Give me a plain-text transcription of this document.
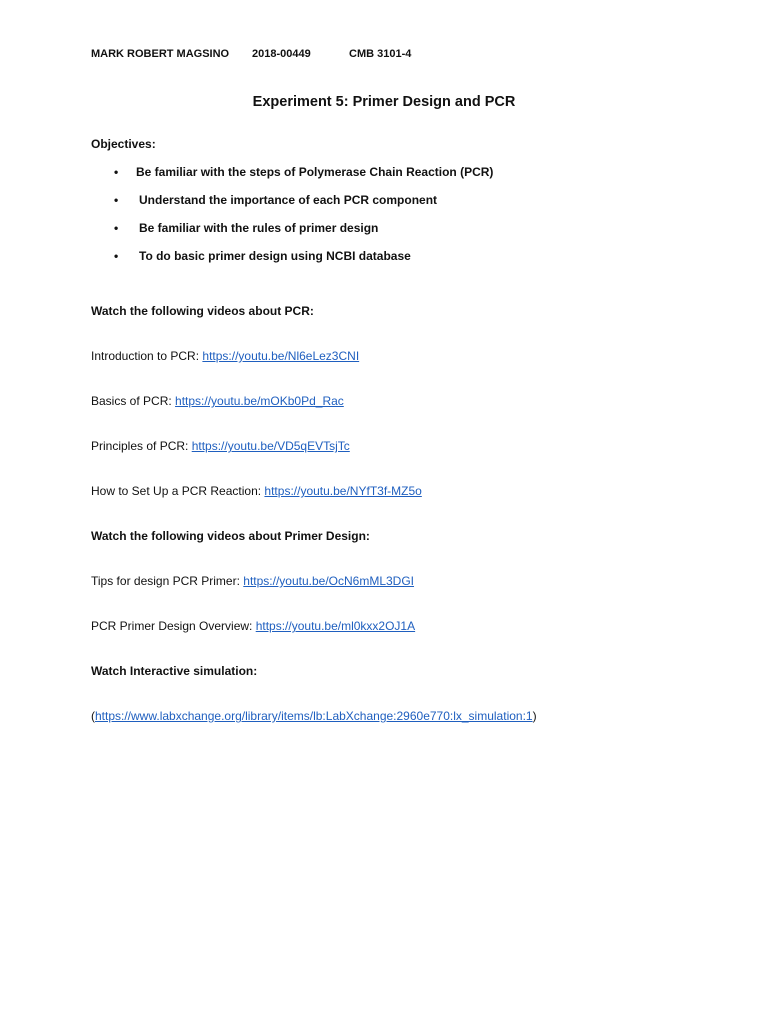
MARK ROBERT MAGSINO 2018-00449	CMB 3101-4
Experiment 5: Primer Design and PCR
Objectives:
• Be familiar with the steps of Polymerase Chain Reaction (PCR)
• Understand the importance of each PCR component
• Be familiar with the rules of primer design
• To do basic primer design using NCBI database
Watch the following videos about PCR:
Introduction to PCR: https://youtu.be/Nl6eLez3CNI
Basics of PCR: https://youtu.be/mOKb0Pd_Rac
Principles of PCR: https://youtu.be/VD5qEVTsjTc
How to Set Up a PCR Reaction: https://youtu.be/NYfT3f-MZ5o
Watch the following videos about Primer Design:
Tips for design PCR Primer: https://youtu.be/OcN6mML3DGI
PCR Primer Design Overview: https://youtu.be/ml0kxx2OJ1A
Watch Interactive simulation:
(https://www.labxchange.org/library/items/lb:LabXchange:2960e770:lx_simulation:1)
